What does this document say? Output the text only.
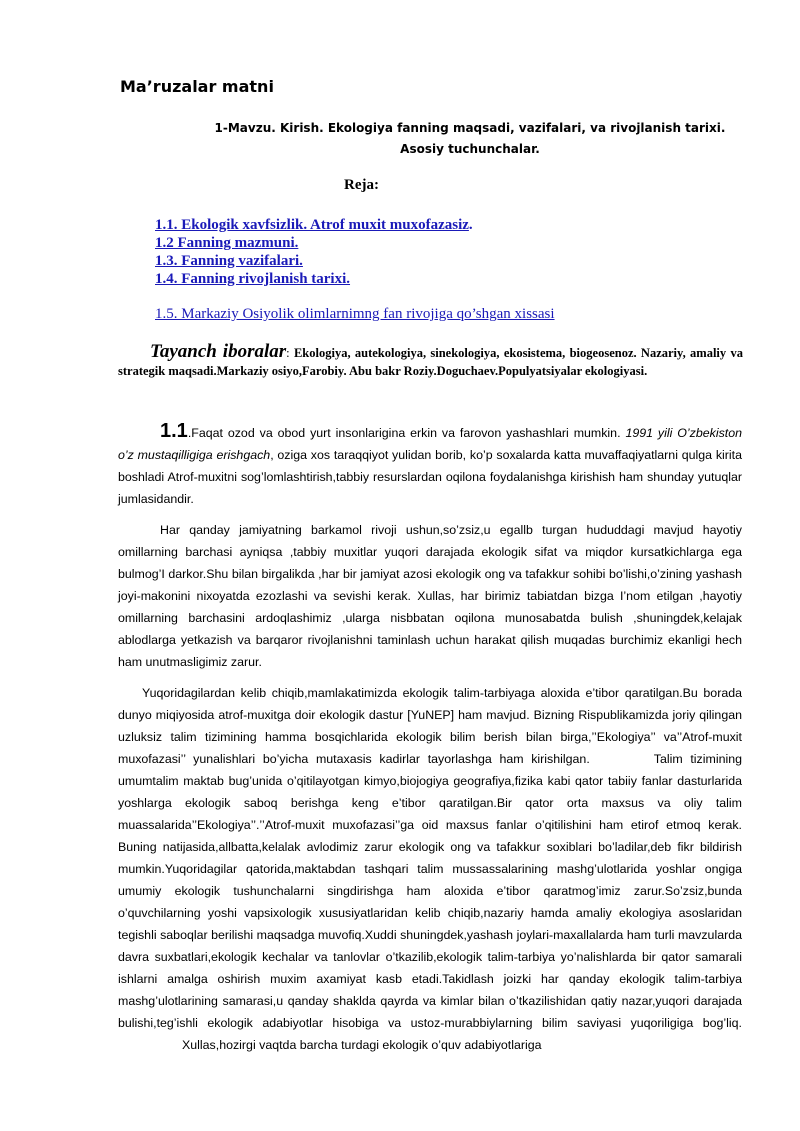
Ma’ruzalar matni
1-Mavzu. Kirish. Ekologiya fanning maqsadi, vazifalari, va rivojlanish tarixi. Asosiy tuchunchalar.
Reja:
1.1. Ekologik xavfsizlik. Atrof muxit muxofazasiz.
1.2 Fanning mazmuni.
1.3. Fanning vazifalari.
1.4. Fanning rivojlanish tarixi.
1.5. Markaziy Osiyolik olimlarnimng fan rivojiga qo’shgan xissasi
Tayanch iboralar: Ekologiya, autekologiya, sinekologiya, ekosistema, biogeosenoz. Nazariy, amaliy va strategik maqsadi.Markaziy osiyo,Farobiy. Abu bakr Roziy.Doguchaev.Populyatsiyalar ekologiyasi.

1.1.Faqat ozod va obod yurt insonlarigina erkin va farovon yashashlari mumkin. 1991 yili O’zbekiston o’z mustaqilligiga erishgach, oziga xos taraqqiyot yulidan borib, ko’p soxalarda katta muvaffaqiyatlarni qulga kirita boshladi Atrof-muxitni sog’lomlashtirish,tabbiy resurslardan oqilona foydalanishga kirishish ham shunday yutuqlar jumlasidandir.

Har qanday jamiyatning barkamol rivoji ushun,so’zsiz,u egallb turgan hududdagi mavjud hayotiy omillarning barchasi ayniqsa ,tabbiy muxitlar yuqori darajada ekologik sifat va miqdor kursatkichlarga ega bulmog’I darkor.Shu bilan birgalikda ,har bir jamiyat azosi ekologik ong va tafakkur sohibi bo’lishi,o’zining yashash joyi-makonini nixoyatda ezozlashi va sevishi kerak. Xullas, har birimiz tabiatdan bizga I’nom etilgan ,hayotiy omillarning barchasini ardoqlashimiz ,ularga nisbbatan oqilona munosabatda bulish ,shuningdek,kelajak ablodlarga yetkazish va barqaror rivojlanishni taminlash uchun harakat qilish muqadas burchimiz ekanligi hech ham unutmasligimiz zarur.

Yuqoridagilardan kelib chiqib,mamlakatimizda ekologik talim-tarbiyaga aloxida e’tibor qaratilgan.Bu borada dunyo miqiyosida atrof-muxitga doir ekologik dastur [YuNEP] ham mavjud. Bizning Rispublikamizda joriy qilingan uzluksiz talim tizimining hamma bosqichlarida ekologik bilim berish bilan birga,’’Ekologiya’’ va’’Atrof-muxit muxofazasi’’ yunalishlari bo’yicha mutaxasis kadirlar tayorlashga ham kirishilgan.	Talim tizimining umumtalim maktab bug’unida o’qitilayotgan kimyo,biojogiya geografiya,fizika kabi qator tabiiy fanlar dasturlarida yoshlarga ekologik saboq berishga keng e’tibor qaratilgan.Bir qator orta maxsus va oliy talim muassalarida’’Ekologiya’’.’’Atrof-muxit muxofazasi’’ga oid maxsus fanlar o’qitilishini ham etirof etmoq kerak. Buning natijasida,allbatta,kelalak avlodimiz zarur ekologik ong va tafakkur soxiblari bo’ladilar,deb fikr bildirish mumkin.Yuqoridagilar qatorida,maktabdan tashqari talim mussassalarining mashg’ulotlarida yoshlar ongiga umumiy ekologik tushunchalarni singdirishga ham aloxida e’tibor qaratmog’imiz zarur.So’zsiz,bunda o’quvchilarning yoshi vapsixologik xususiyatlaridan kelib chiqib,nazariy hamda amaliy ekologiya asoslaridan tegishli saboqlar berilishi maqsadga muvofiq.Xuddi shuningdek,yashash joylari-maxallalarda ham turli mavzularda davra suxbatlari,ekologik kechalar va tanlovlar o’tkazilib,ekologik talim-tarbiya yo’nalishlarda bir qator samarali ishlarni amalga oshirish muxim axamiyat kasb etadi.Takidlash joizki har qanday ekologik talim-tarbiya mashg’ulotlarining samarasi,u qanday shaklda qayrda va kimlar bilan o’tkazilishidan qatiy nazar,yuqori darajada bulishi,teg’ishli ekologik adabiyotlar hisobiga va ustoz-murabbiylarning bilim saviyasi yuqoriligiga bog’liq.Xullas,hozirgi vaqtda barcha turdagi ekologik o’quv adabiyotlariga
